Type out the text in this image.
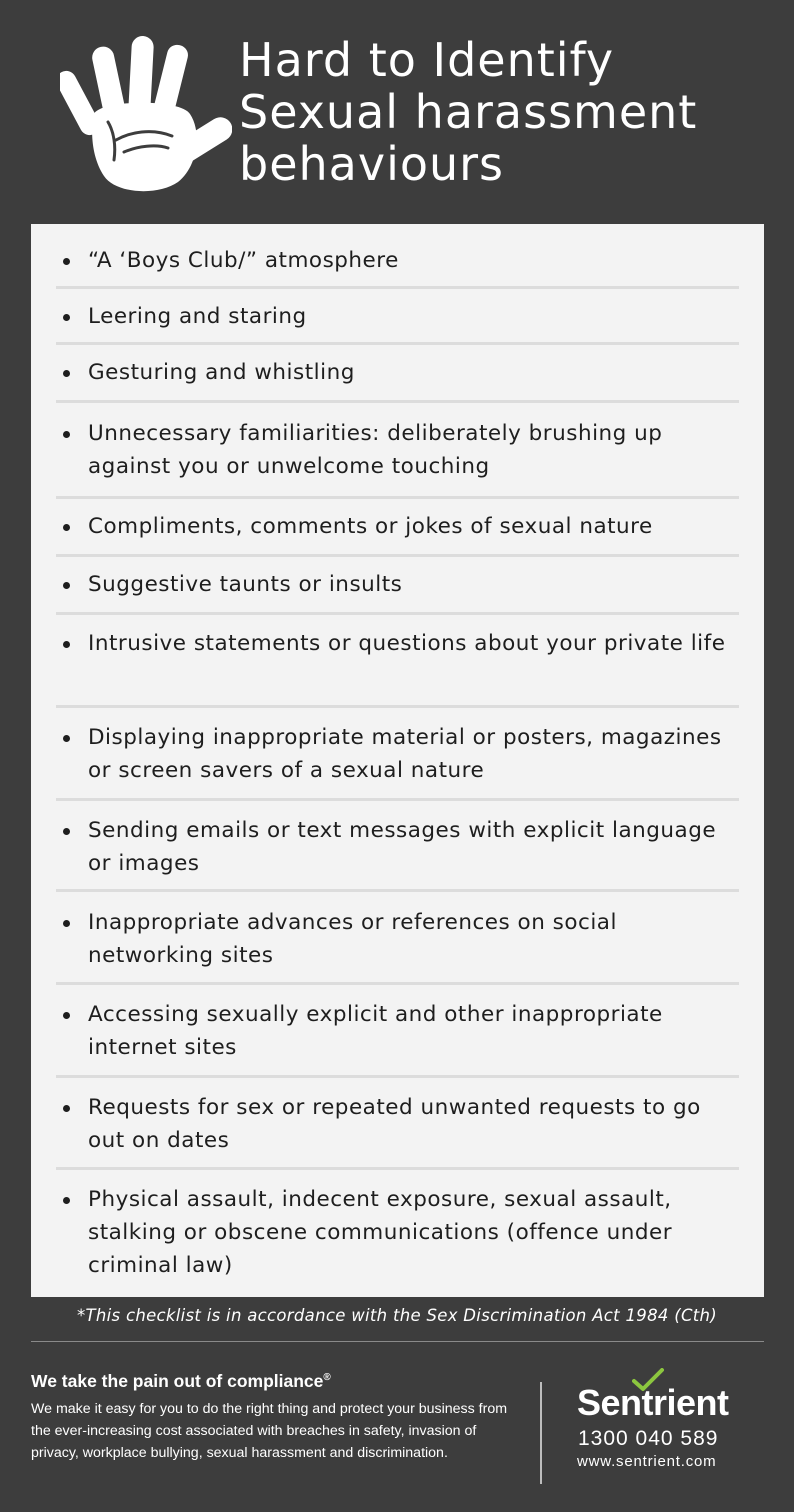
Hard to Identify
Sexual harassment
behaviours
“A ‘Boys Club/” atmosphere
Leering and staring
Gesturing and whistling
Unnecessary familiarities: deliberately brushing up against you or unwelcome touching
Compliments, comments or jokes of sexual nature
Suggestive taunts or insults
Intrusive statements or questions about your private life
Displaying inappropriate material or posters, magazines or screen savers of a sexual nature
Sending emails or text messages with explicit language or images
Inappropriate advances or references on social networking sites
Accessing sexually explicit and other inappropriate internet sites
Requests for sex or repeated unwanted requests to go out on dates
Physical assault, indecent exposure, sexual assault, stalking or obscene communications (offence under criminal law)
*This checklist is in accordance with the Sex Discrimination Act 1984 (Cth)
We take the pain out of compliance®
We make it easy for you to do the right thing and protect your business from the ever-increasing cost associated with breaches in safety, invasion of privacy, workplace bullying, sexual harassment and discrimination.
Sentrient
1300 040 589
www.sentrient.com
